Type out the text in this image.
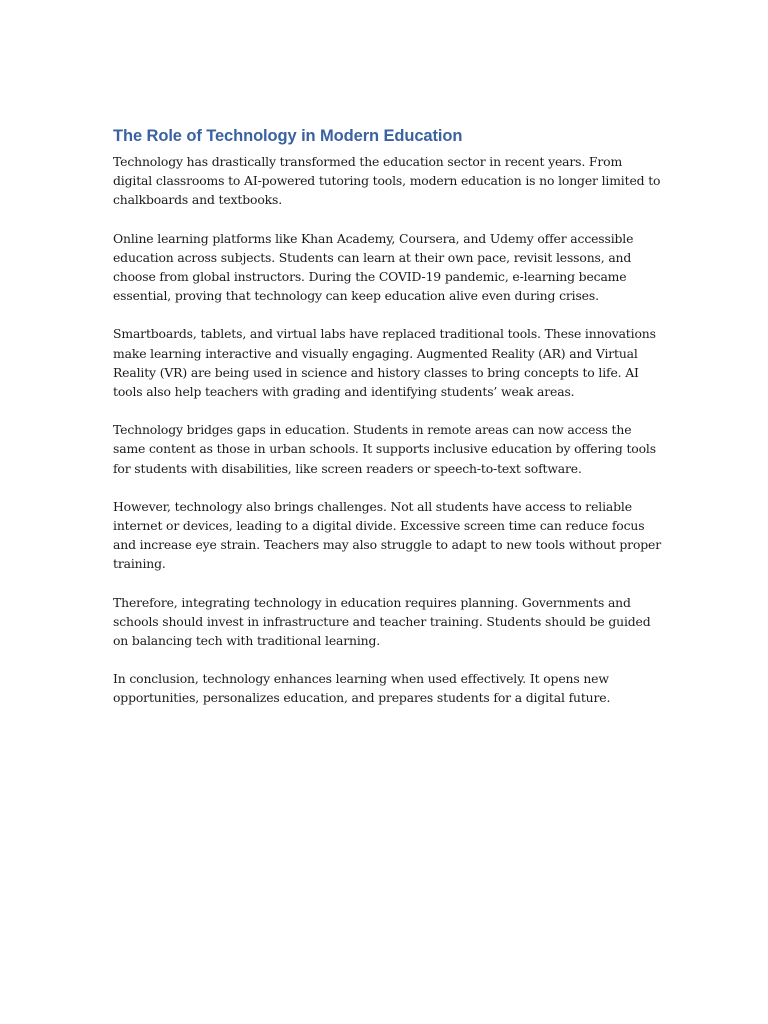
The Role of Technology in Modern Education

Technology has drastically transformed the education sector in recent years. From digital classrooms to AI-powered tutoring tools, modern education is no longer limited to chalkboards and textbooks.

Online learning platforms like Khan Academy, Coursera, and Udemy offer accessible education across subjects. Students can learn at their own pace, revisit lessons, and choose from global instructors. During the COVID-19 pandemic, e-learning became essential, proving that technology can keep education alive even during crises.

Smartboards, tablets, and virtual labs have replaced traditional tools. These innovations make learning interactive and visually engaging. Augmented Reality (AR) and Virtual Reality (VR) are being used in science and history classes to bring concepts to life. AI tools also help teachers with grading and identifying students’ weak areas.

Technology bridges gaps in education. Students in remote areas can now access the same content as those in urban schools. It supports inclusive education by offering tools for students with disabilities, like screen readers or speech-to-text software.

However, technology also brings challenges. Not all students have access to reliable internet or devices, leading to a digital divide. Excessive screen time can reduce focus and increase eye strain. Teachers may also struggle to adapt to new tools without proper training.

Therefore, integrating technology in education requires planning. Governments and schools should invest in infrastructure and teacher training. Students should be guided on balancing tech with traditional learning.

In conclusion, technology enhances learning when used effectively. It opens new opportunities, personalizes education, and prepares students for a digital future.
